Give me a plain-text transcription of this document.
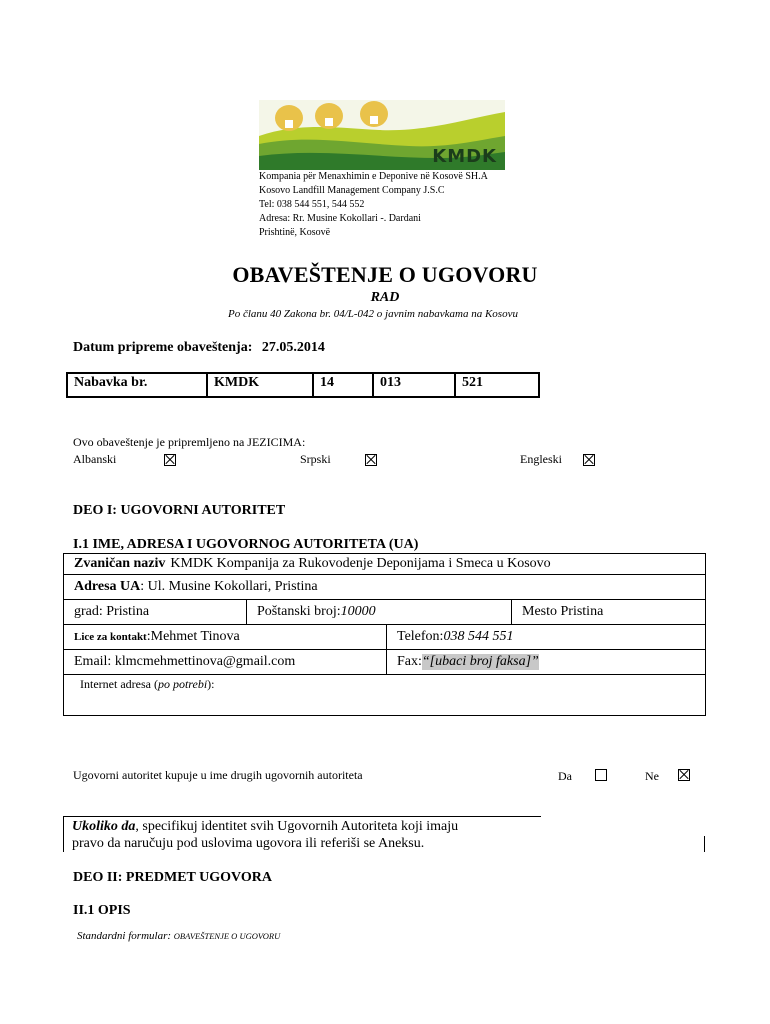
KMDK
Kompania për Menaxhimin e Deponive në Kosovë SH.A
Kosovo Landfill Management Company J.S.C
Tel: 038 544 551, 544 552
Adresa: Rr. Musine Kokollari -. Dardani
Prishtinë, Kosovë
OBAVEŠTENJE O UGOVORU
RAD
Po članu 40 Zakona br. 04/L-042 o javnim nabavkama na Kosovu
Datum pripreme obaveštenja: 27.05.2014
Nabavka br.	KMDK	14	013	521
Ovo obaveštenje je pripremljeno na JEZICIMA:
Albanski	Srpski	Engleski
DEO I: UGOVORNI AUTORITET
I.1 IME, ADRESA I UGOVORNOG AUTORITETA (UA)
Zvaničan naziv KMDK Kompanija za Rukovodenje Deponijama i Smeca u Kosovo
Adresa UA : Ul. Musine Kokollari, Pristina
grad: Pristina	Poštanski broj: 10000	Mesto Pristina
Lice za kontakt :Mehmet Tinova	Telefon: 038 544 551
Email: klmcmehmettinova@gmail.com	Fax: “[ubaci broj faksa]”
Internet adresa ( po potrebi ):
Ugovorni autoritet kupuje u ime drugih ugovornih autoriteta	Da	Ne
Ukoliko da, specifikuj identitet svih Ugovornih Autoriteta koji imaju
pravo da naručuju pod uslovima ugovora ili referiši se Aneksu.
DEO II: PREDMET UGOVORA
II.1 OPIS
Standardni formular: OBAVEŠTENJE O UGOVORU
